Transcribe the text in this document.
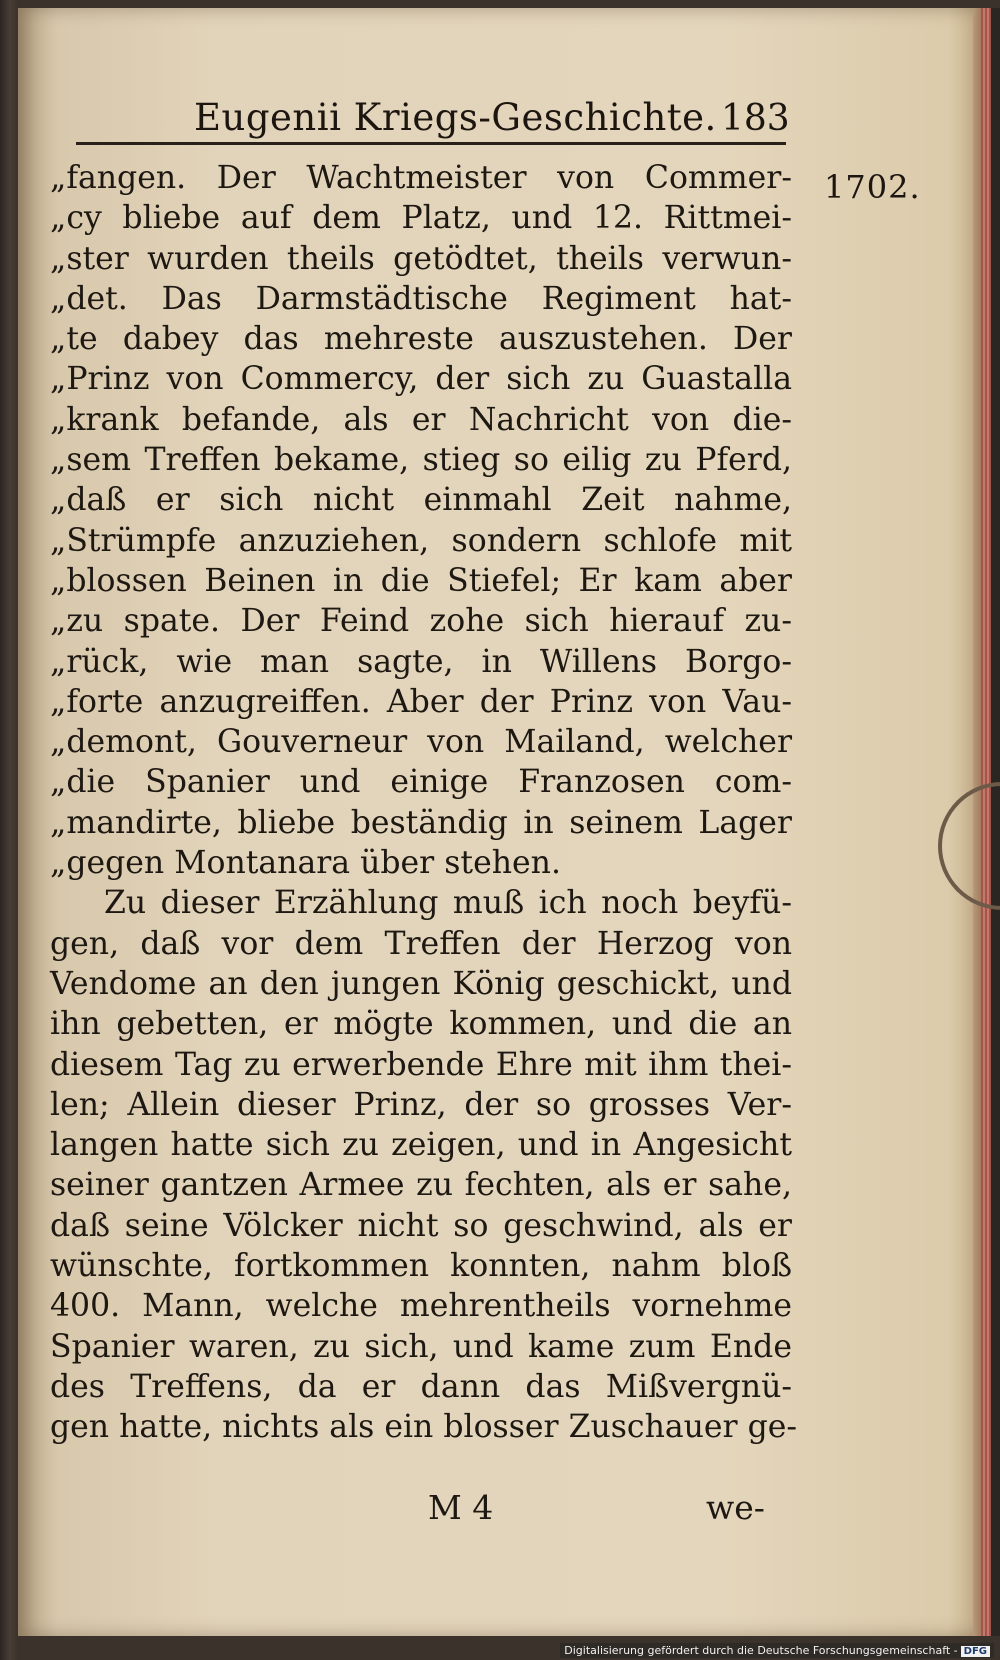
Eugenii Kriegs-Geschichte. 183
1702.
„fangen. Der Wachtmeister von Commer-
„cy bliebe auf dem Platz, und 12. Rittmei-
„ster wurden theils getödtet, theils verwun-
„det. Das Darmstädtische Regiment hat-
„te dabey das mehreste auszustehen. Der
„Prinz von Commercy, der sich zu Guastalla
„krank befande, als er Nachricht von die-
„sem Treffen bekame, stieg so eilig zu Pferd,
„daß er sich nicht einmahl Zeit nahme,
„Strümpfe anzuziehen, sondern schlofe mit
„blossen Beinen in die Stiefel; Er kam aber
„zu spate. Der Feind zohe sich hierauf zu-
„rück, wie man sagte, in Willens Borgo-
„forte anzugreiffen. Aber der Prinz von Vau-
„demont, Gouverneur von Mailand, welcher
„die Spanier und einige Franzosen com-
„mandirte, bliebe beständig in seinem Lager
„gegen Montanara über stehen.
Zu dieser Erzählung muß ich noch beyfü-
gen, daß vor dem Treffen der Herzog von
Vendome an den jungen König geschickt, und
ihn gebetten, er mögte kommen, und die an
diesem Tag zu erwerbende Ehre mit ihm thei-
len; Allein dieser Prinz, der so grosses Ver-
langen hatte sich zu zeigen, und in Angesicht
seiner gantzen Armee zu fechten, als er sahe,
daß seine Völcker nicht so geschwind, als er
wünschte, fortkommen konnten, nahm bloß
400. Mann, welche mehrentheils vornehme
Spanier waren, zu sich, und kame zum Ende
des Treffens, da er dann das Mißvergnü-
gen hatte, nichts als ein blosser Zuschauer ge-
M 4	we-
Digitalisierung gefördert durch die Deutsche Forschungsgemeinschaft - DFG
